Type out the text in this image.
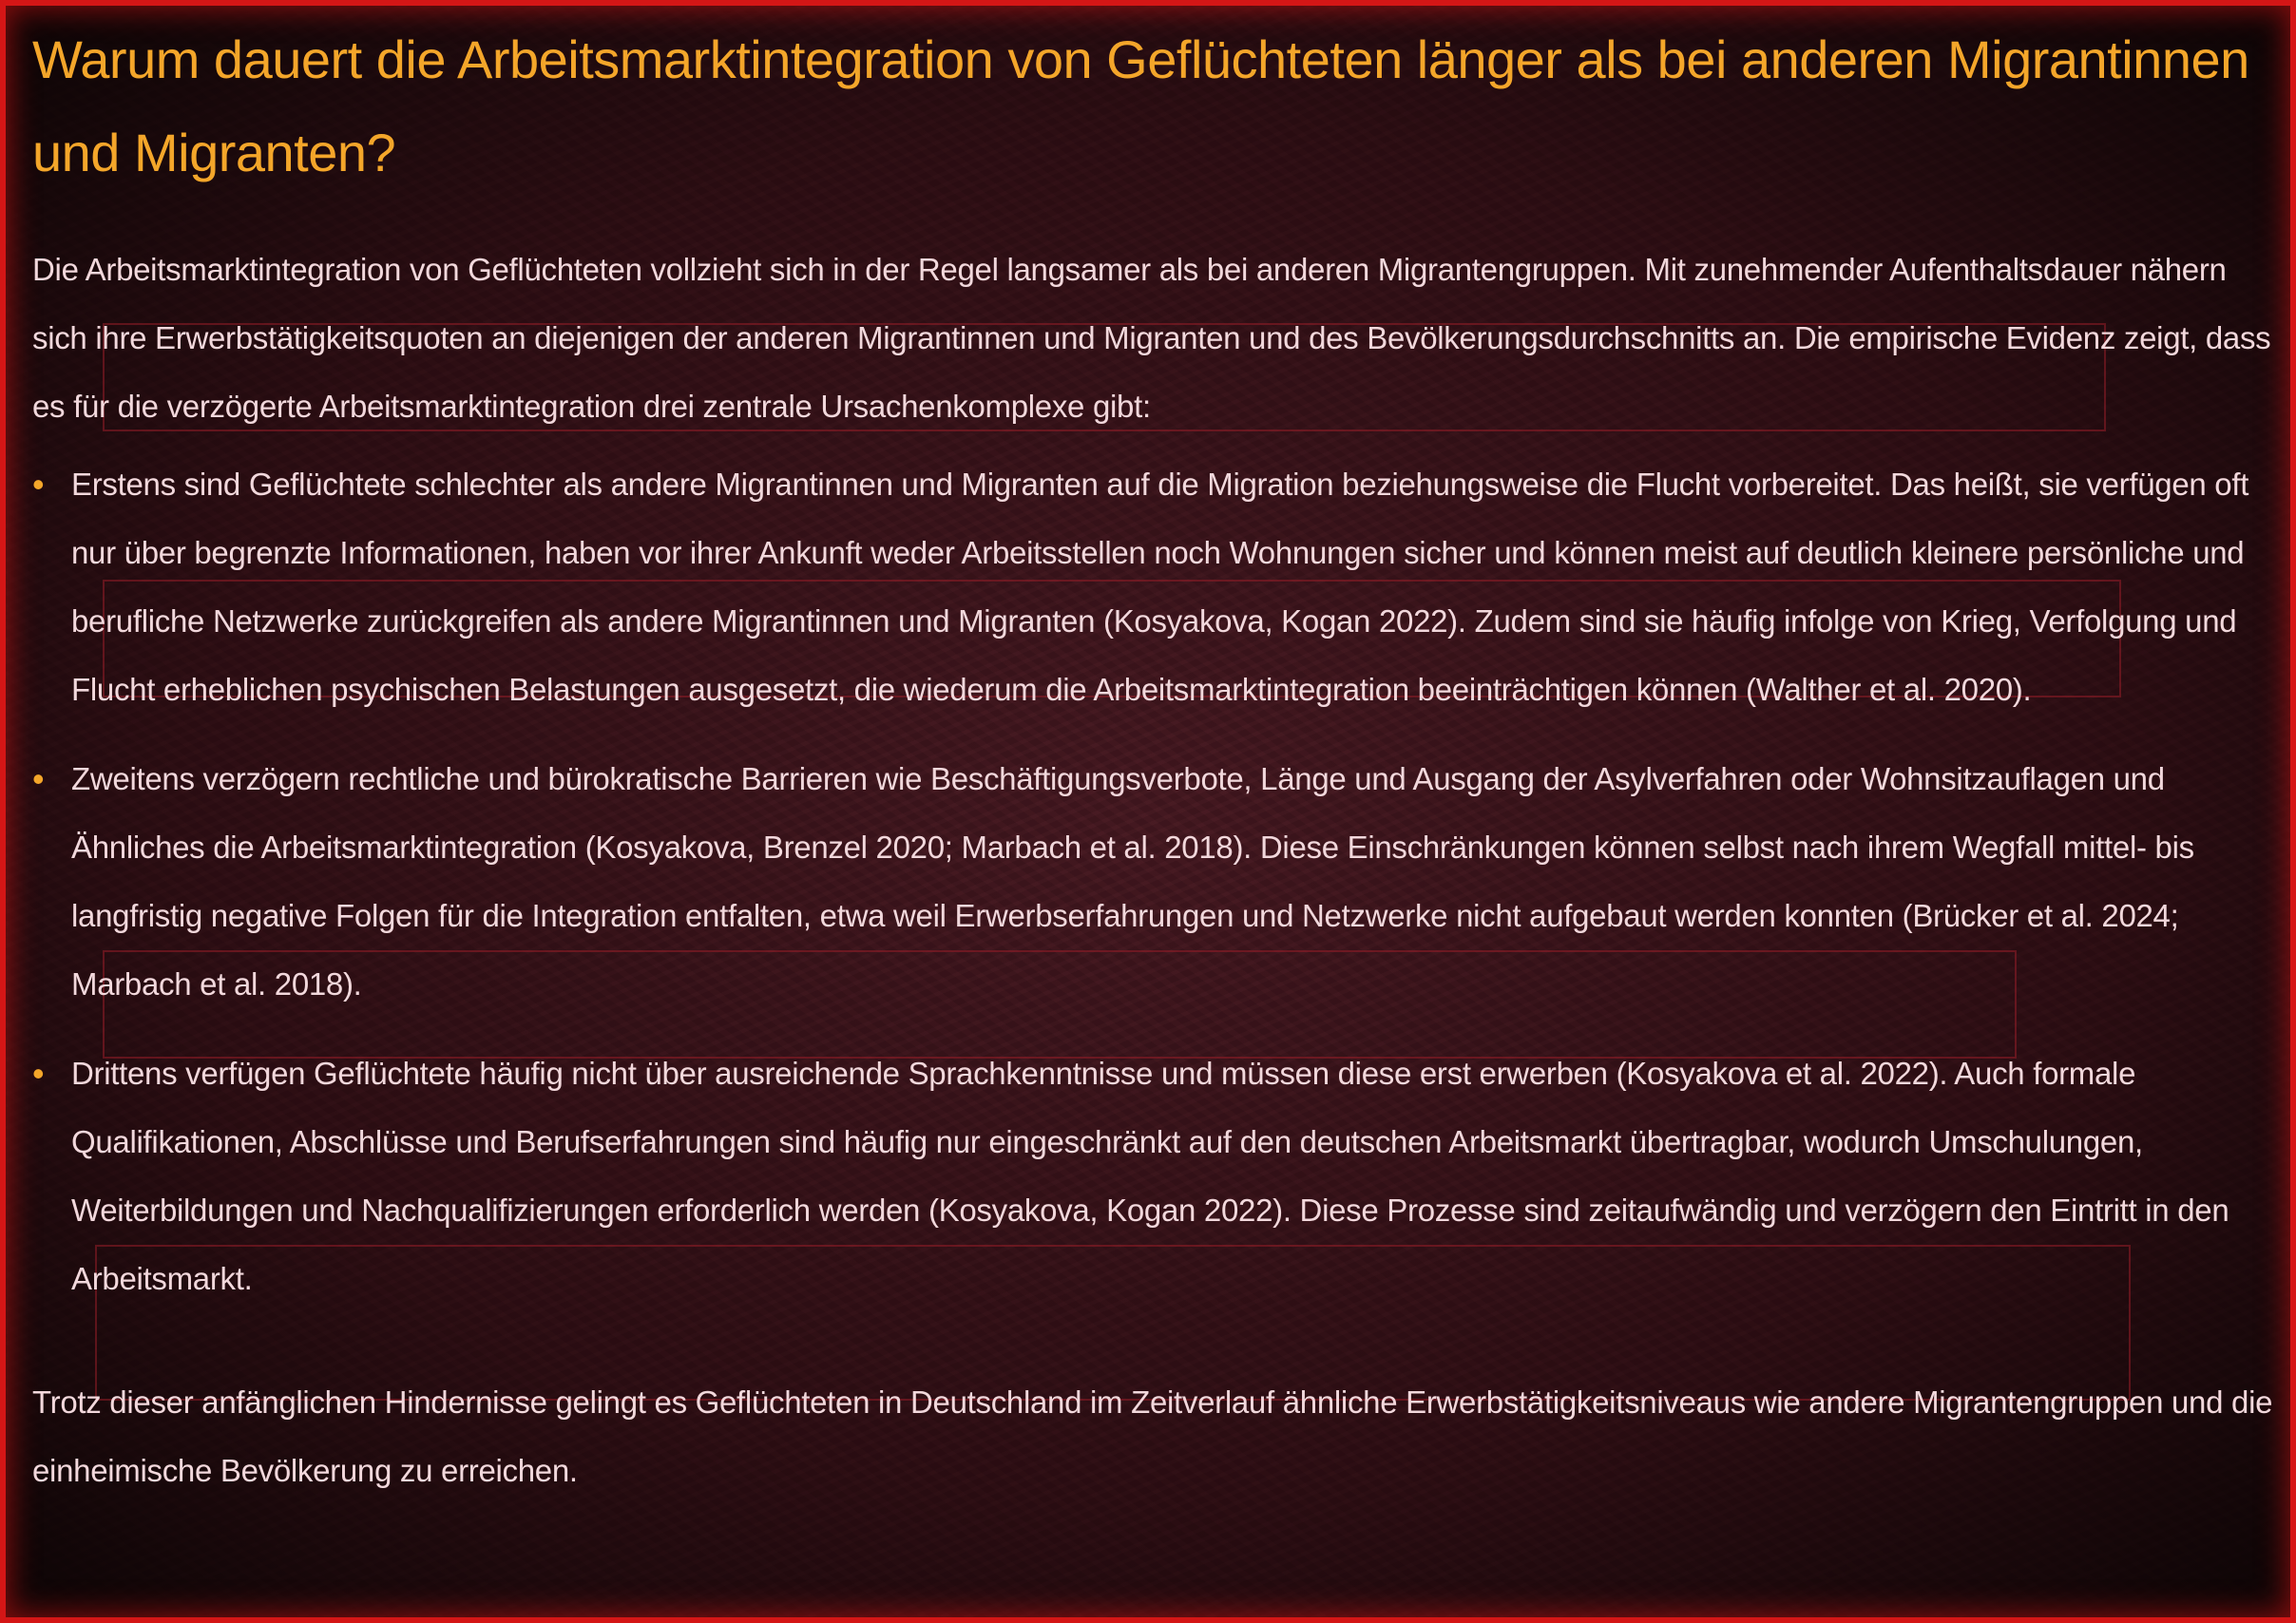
Warum dauert die Arbeitsmarktintegration von Geflüchteten länger als bei anderen Migrantinnen und Migranten?

Die Arbeitsmarktintegration von Geflüchteten vollzieht sich in der Regel langsamer als bei anderen Migrantengruppen. Mit zunehmender Aufenthaltsdauer nähern sich ihre Erwerbstätigkeitsquoten an diejenigen der anderen Migrantinnen und Migranten und des Bevölkerungsdurchschnitts an. Die empirische Evidenz zeigt, dass es für die verzögerte Arbeitsmarktintegration drei zentrale Ursachenkomplexe gibt:

• Erstens sind Geflüchtete schlechter als andere Migrantinnen und Migranten auf die Migration beziehungsweise die Flucht vorbereitet. Das heißt, sie verfügen oft nur über begrenzte Informationen, haben vor ihrer Ankunft weder Arbeitsstellen noch Wohnungen sicher und können meist auf deutlich kleinere persönliche und berufliche Netzwerke zurückgreifen als andere Migrantinnen und Migranten (Kosyakova, Kogan 2022). Zudem sind sie häufig infolge von Krieg, Verfolgung und Flucht erheblichen psychischen Belastungen ausgesetzt, die wiederum die Arbeitsmarktintegration beeinträchtigen können (Walther et al. 2020).
• Zweitens verzögern rechtliche und bürokratische Barrieren wie Beschäftigungsverbote, Länge und Ausgang der Asylverfahren oder Wohnsitzauflagen und Ähnliches die Arbeitsmarktintegration (Kosyakova, Brenzel 2020; Marbach et al. 2018). Diese Einschränkungen können selbst nach ihrem Wegfall mittel- bis langfristig negative Folgen für die Integration entfalten, etwa weil Erwerbserfahrungen und Netzwerke nicht aufgebaut werden konnten (Brücker et al. 2024; Marbach et al. 2018).
• Drittens verfügen Geflüchtete häufig nicht über ausreichende Sprachkenntnisse und müssen diese erst erwerben (Kosyakova et al. 2022). Auch formale Qualifikationen, Abschlüsse und Berufserfahrungen sind häufig nur eingeschränkt auf den deutschen Arbeitsmarkt übertragbar, wodurch Umschulungen, Weiterbildungen und Nachqualifizierungen erforderlich werden (Kosyakova, Kogan 2022). Diese Prozesse sind zeitaufwändig und verzögern den Eintritt in den Arbeitsmarkt.

Trotz dieser anfänglichen Hindernisse gelingt es Geflüchteten in Deutschland im Zeitverlauf ähnliche Erwerbstätigkeitsniveaus wie andere Migrantengruppen und die einheimische Bevölkerung zu erreichen.
